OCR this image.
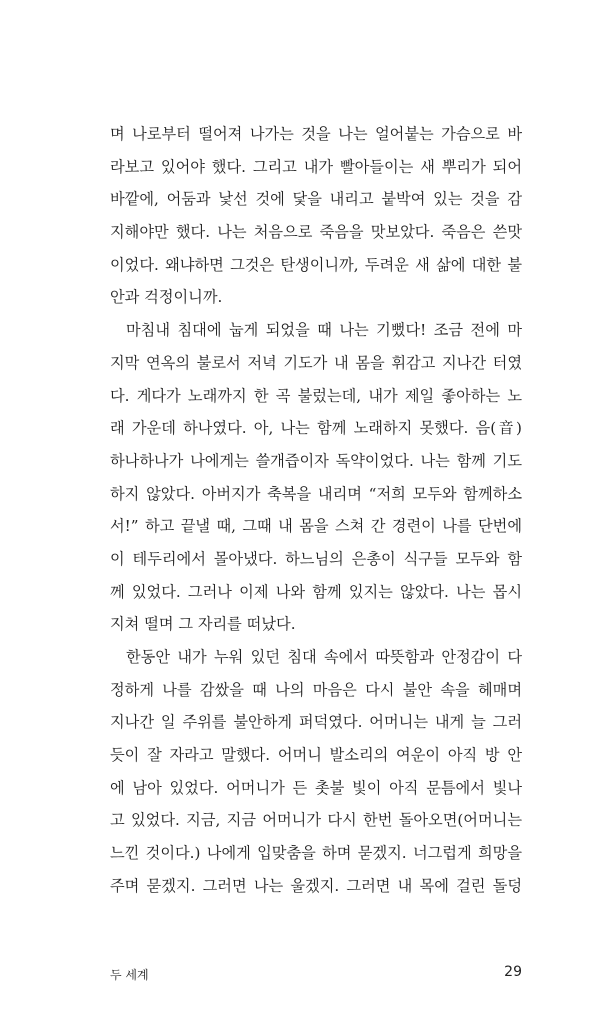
며 나로부터 떨어져 나가는 것을 나는 얼어붙는 가슴으로 바
라보고 있어야 했다. 그리고 내가 빨아들이는 새 뿌리가 되어
바깥에, 어둠과 낯선 것에 닻을 내리고 붙박여 있는 것을 감
지해야만 했다. 나는 처음으로 죽음을 맛보았다. 죽음은 쓴맛
이었다. 왜냐하면 그것은 탄생이니까, 두려운 새 삶에 대한 불
안과 걱정이니까.
마침내 침대에 눕게 되었을 때 나는 기뻤다! 조금 전에 마
지막 연옥의 불로서 저녁 기도가 내 몸을 휘감고 지나간 터였
다. 게다가 노래까지 한 곡 불렀는데, 내가 제일 좋아하는 노
래 가운데 하나였다. 아, 나는 함께 노래하지 못했다. 음(音)
하나하나가 나에게는 쓸개즙이자 독약이었다. 나는 함께 기도
하지 않았다. 아버지가 축복을 내리며 “저희 모두와 함께하소
서!” 하고 끝낼 때, 그때 내 몸을 스쳐 간 경련이 나를 단번에
이 테두리에서 몰아냈다. 하느님의 은총이 식구들 모두와 함
께 있었다. 그러나 이제 나와 함께 있지는 않았다. 나는 몹시
지쳐 떨며 그 자리를 떠났다.
한동안 내가 누워 있던 침대 속에서 따뜻함과 안정감이 다
정하게 나를 감쌌을 때 나의 마음은 다시 불안 속을 헤매며
지나간 일 주위를 불안하게 퍼덕였다. 어머니는 내게 늘 그러
듯이 잘 자라고 말했다. 어머니 발소리의 여운이 아직 방 안
에 남아 있었다. 어머니가 든 촛불 빛이 아직 문틈에서 빛나
고 있었다. 지금, 지금 어머니가 다시 한번 돌아오면(어머니는
느낀 것이다.) 나에게 입맞춤을 하며 묻겠지. 너그럽게 희망을
주며 묻겠지. 그러면 나는 울겠지. 그러면 내 목에 걸린 돌덩
두 세계	29
